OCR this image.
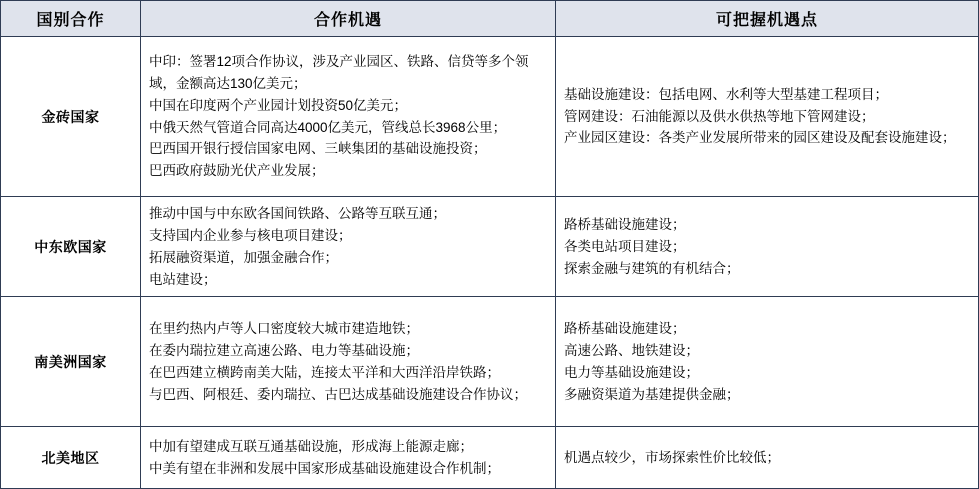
国别合作	合作机遇	可把握机遇点
金砖国家	中印：签署12项合作协议，涉及产业园区、铁路、信贷等多个领域，金额高达130亿美元；
中国在印度两个产业园计划投资50亿美元；
中俄天然气管道合同高达4000亿美元，管线总长3968公里；
巴西国开银行授信国家电网、三峡集团的基础设施投资；
巴西政府鼓励光伏产业发展；	基础设施建设：包括电网、水利等大型基建工程项目；
管网建设：石油能源以及供水供热等地下管网建设；
产业园区建设：各类产业发展所带来的园区建设及配套设施建设；

中东欧国家	推动中国与中东欧各国间铁路、公路等互联互通；
支持国内企业参与核电项目建设；
拓展融资渠道，加强金融合作；
电站建设；	路桥基础设施建设；
各类电站项目建设；
探索金融与建筑的有机结合；

南美洲国家	在里约热内卢等人口密度较大城市建造地铁；
在委内瑞拉建立高速公路、电力等基础设施；
在巴西建立横跨南美大陆，连接太平洋和大西洋沿岸铁路；
与巴西、阿根廷、委内瑞拉、古巴达成基础设施建设合作协议；	路桥基础设施建设；
高速公路、地铁建设；
电力等基础设施建设；
多融资渠道为基建提供金融；

北美地区	中加有望建成互联互通基础设施，形成海上能源走廊；
中美有望在非洲和发展中国家形成基础设施建设合作机制；	机遇点较少，市场探索性价比较低；
